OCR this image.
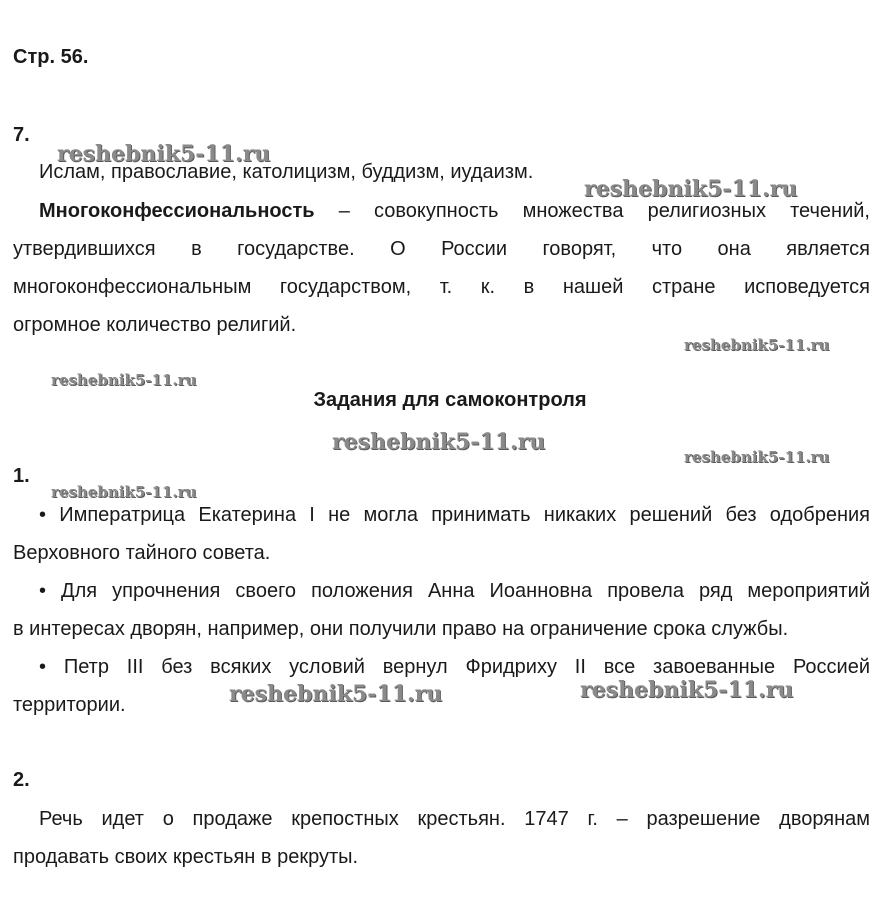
Стр. 56.
7.
Ислам, православие, католицизм, буддизм, иудаизм.
Многоконфессиональность – совокупность множества религиозных течений,
утвердившихся в государстве. О России говорят, что она является
многоконфессиональным государством, т. к. в нашей стране исповедуется
огромное количество религий.
Задания для самоконтроля
1.
• Императрица Екатерина I не могла принимать никаких решений без одобрения
Верховного тайного совета.
• Для упрочнения своего положения Анна Иоанновна провела ряд мероприятий
в интересах дворян, например, они получили право на ограничение срока службы.
• Петр III без всяких условий вернул Фридриху II все завоеванные Россией
территории.
2.
Речь идет о продаже крепостных крестьян. 1747 г. – разрешение дворянам
продавать своих крестьян в рекруты.
reshebnik5-11.ru
reshebnik5-11.ru
reshebnik5-11.ru
reshebnik5-11.ru
reshebnik5-11.ru
reshebnik5-11.ru
reshebnik5-11.ru
reshebnik5-11.ru	reshebnik5-11.ru
